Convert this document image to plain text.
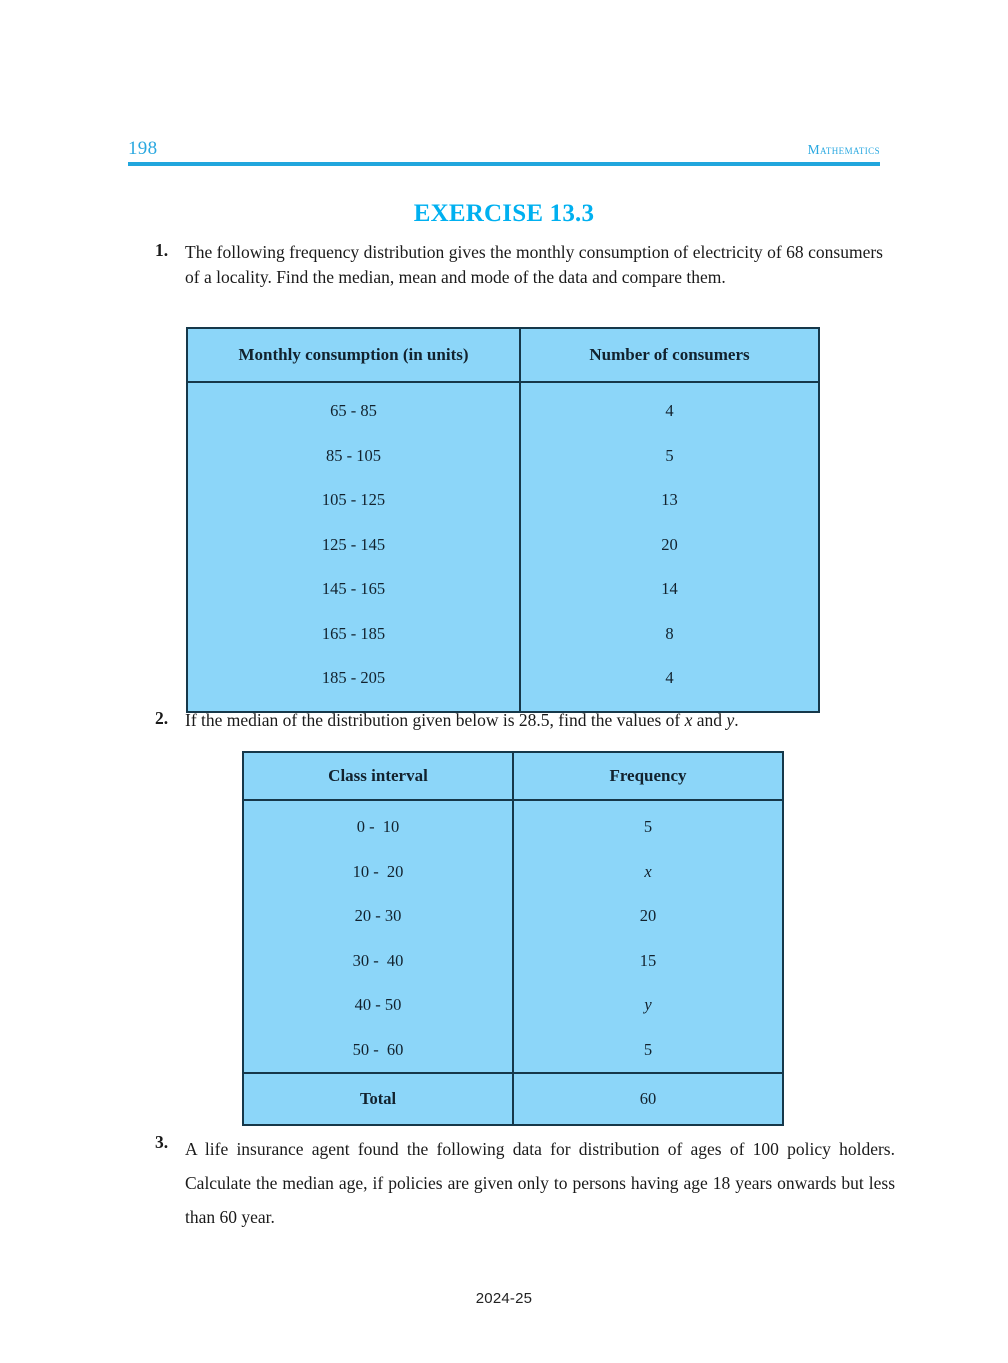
198	Mathematics
EXERCISE 13.3
1. The following frequency distribution gives the monthly consumption of electricity of 68 consumers of a locality. Find the median, mean and mode of the data and compare them.
Monthly consumption (in units)	Number of consumers
65 - 85	4
85 - 105	5
105 - 125	13
125 - 145	20
145 - 165	14
165 - 185	8
185 - 205	4
2. If the median of the distribution given below is 28.5, find the values of x and y.
Class interval	Frequency
0 -  10	5
10 -  20	x
20 - 30	20
30 -  40	15
40 - 50	y
50 -  60	5
Total	60
3. A life insurance agent found the following data for distribution of ages of 100 policy holders. Calculate the median age, if policies are given only to persons having age 18 years onwards but less than 60 year.
2024-25
